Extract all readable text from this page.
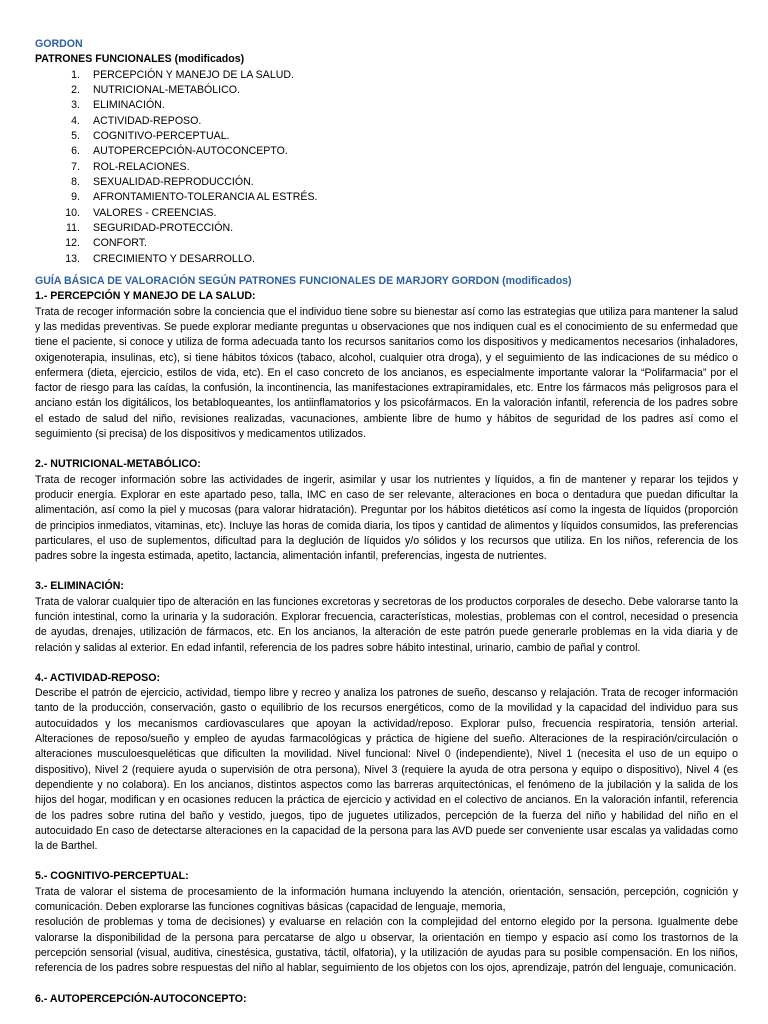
GORDON
PATRONES FUNCIONALES (modificados)
1.	PERCEPCIÓN Y MANEJO DE LA SALUD.
2.	NUTRICIONAL-METABÓLICO.
3.	ELIMINACIÓN.
4.	ACTIVIDAD-REPOSO.
5.	COGNITIVO-PERCEPTUAL.
6.	AUTOPERCEPCIÓN-AUTOCONCEPTO.
7.	ROL-RELACIONES.
8.	SEXUALIDAD-REPRODUCCIÓN.
9.	AFRONTAMIENTO-TOLERANCIA AL ESTRÉS.
10.	VALORES - CREENCIAS.
11.	SEGURIDAD-PROTECCIÓN.
12.	CONFORT.
13.	CRECIMIENTO Y DESARROLLO.
GUÍA BÁSICA DE VALORACIÓN SEGÚN PATRONES FUNCIONALES DE MARJORY GORDON (modificados)
1.- PERCEPCIÓN Y MANEJO DE LA SALUD:

Trata de recoger información sobre la conciencia que el individuo tiene sobre su bienestar así como las estrategias que utiliza para mantener la salud y las medidas preventivas. Se puede explorar mediante preguntas u observaciones que nos indiquen cual es el conocimiento de su enfermedad que tiene el paciente, si conoce y utiliza de forma adecuada tanto los recursos sanitarios como los dispositivos y medicamentos necesarios (inhaladores, oxigenoterapia, insulinas, etc), si tiene hábitos tóxicos (tabaco, alcohol, cualquier otra droga), y el seguimiento de las indicaciones de su médico o enfermera (dieta, ejercicio, estilos de vida, etc). En el caso concreto de los ancianos, es especialmente importante valorar la “Polifarmacia” por el factor de riesgo para las caídas, la confusión, la incontinencia, las manifestaciones extrapiramidales, etc. Entre los fármacos más peligrosos para el anciano están los digitálicos, los betabloqueantes, los antiinflamatorios y los psicofármacos. En la valoración infantil, referencia de los padres sobre el estado de salud del niño, revisiones realizadas, vacunaciones, ambiente libre de humo y hábitos de seguridad de los padres así como el seguimiento (si precisa) de los dispositivos y medicamentos utilizados.

2.- NUTRICIONAL-METABÓLICO:

Trata de recoger información sobre las actividades de ingerir, asimilar y usar los nutrientes y líquidos, a fin de mantener y reparar los tejidos y producir energía. Explorar en este apartado peso, talla, IMC en caso de ser relevante, alteraciones en boca o dentadura que puedan dificultar la alimentación, así como la piel y mucosas (para valorar hidratación). Preguntar por los hábitos dietéticos así como la ingesta de líquidos (proporción de principios inmediatos, vitaminas, etc). Incluye las horas de comida diaria, los tipos y cantidad de alimentos y líquidos consumidos, las preferencias particulares, el uso de suplementos, dificultad para la deglución de líquidos y/o sólidos y los recursos que utiliza. En los niños, referencia de los padres sobre la ingesta estimada, apetito, lactancia, alimentación infantil, preferencias, ingesta de nutrientes.

3.- ELIMINACIÓN:

Trata de valorar cualquier tipo de alteración en las funciones excretoras y secretoras de los productos corporales de desecho. Debe valorarse tanto la función intestinal, como la urinaria y la sudoración. Explorar frecuencia, características, molestias, problemas con el control, necesidad o presencia de ayudas, drenajes, utilización de fármacos, etc. En los ancianos, la alteración de este patrón puede generarle problemas en la vida diaria y de relación y salidas al exterior. En edad infantil, referencia de los padres sobre hábito intestinal, urinario, cambio de pañal y control.

4.- ACTIVIDAD-REPOSO:

Describe el patrón de ejercicio, actividad, tiempo libre y recreo y analiza los patrones de sueño, descanso y relajación. Trata de recoger información tanto de la producción, conservación, gasto o equilibrio de los recursos energéticos, como de la movilidad y la capacidad del individuo para sus autocuidados y los mecanismos cardiovasculares que apoyan la actividad/reposo. Explorar pulso, frecuencia respiratoria, tensión arterial. Alteraciones de reposo/sueño y empleo de ayudas farmacológicas y práctica de higiene del sueño. Alteraciones de la respiración/circulación o alteraciones musculoesqueléticas que dificulten la movilidad. Nivel funcional: Nivel 0 (independiente), Nivel 1 (necesita el uso de un equipo o dispositivo), Nivel 2 (requiere ayuda o supervisión de otra persona), Nivel 3 (requiere la ayuda de otra persona y equipo o dispositivo), Nivel 4 (es dependiente y no colabora). En los ancianos, distintos aspectos como las barreras arquitectónicas, el fenómeno de la jubilación y la salida de los hijos del hogar, modifican y en ocasiones reducen la práctica de ejercicio y actividad en el colectivo de ancianos. En la valoración infantil, referencia de los padres sobre rutina del baño y vestido, juegos, tipo de juguetes utilizados, percepción de la fuerza del niño y habilidad del niño en el autocuidado En caso de detectarse alteraciones en la capacidad de la persona para las AVD puede ser conveniente usar escalas ya validadas como la de Barthel.

5.- COGNITIVO-PERCEPTUAL:

Trata de valorar el sistema de procesamiento de la información humana incluyendo la atención, orientación, sensación, percepción, cognición y comunicación. Deben explorarse las funciones cognitivas básicas (capacidad de lenguaje, memoria,

resolución de problemas y toma de decisiones) y evaluarse en relación con la complejidad del entorno elegido por la persona. Igualmente debe valorarse la disponibilidad de la persona para percatarse de algo u observar, la orientación en tiempo y espacio así como los trastornos de la percepción sensorial (visual, auditiva, cinestésica, gustativa, táctil, olfatoria), y la utilización de ayudas para su posible compensación. En los niños, referencia de los padres sobre respuestas del niño al hablar, seguimiento de los objetos con los ojos, aprendizaje, patrón del lenguaje, comunicación.

6.- AUTOPERCEPCIÓN-AUTOCONCEPTO:
